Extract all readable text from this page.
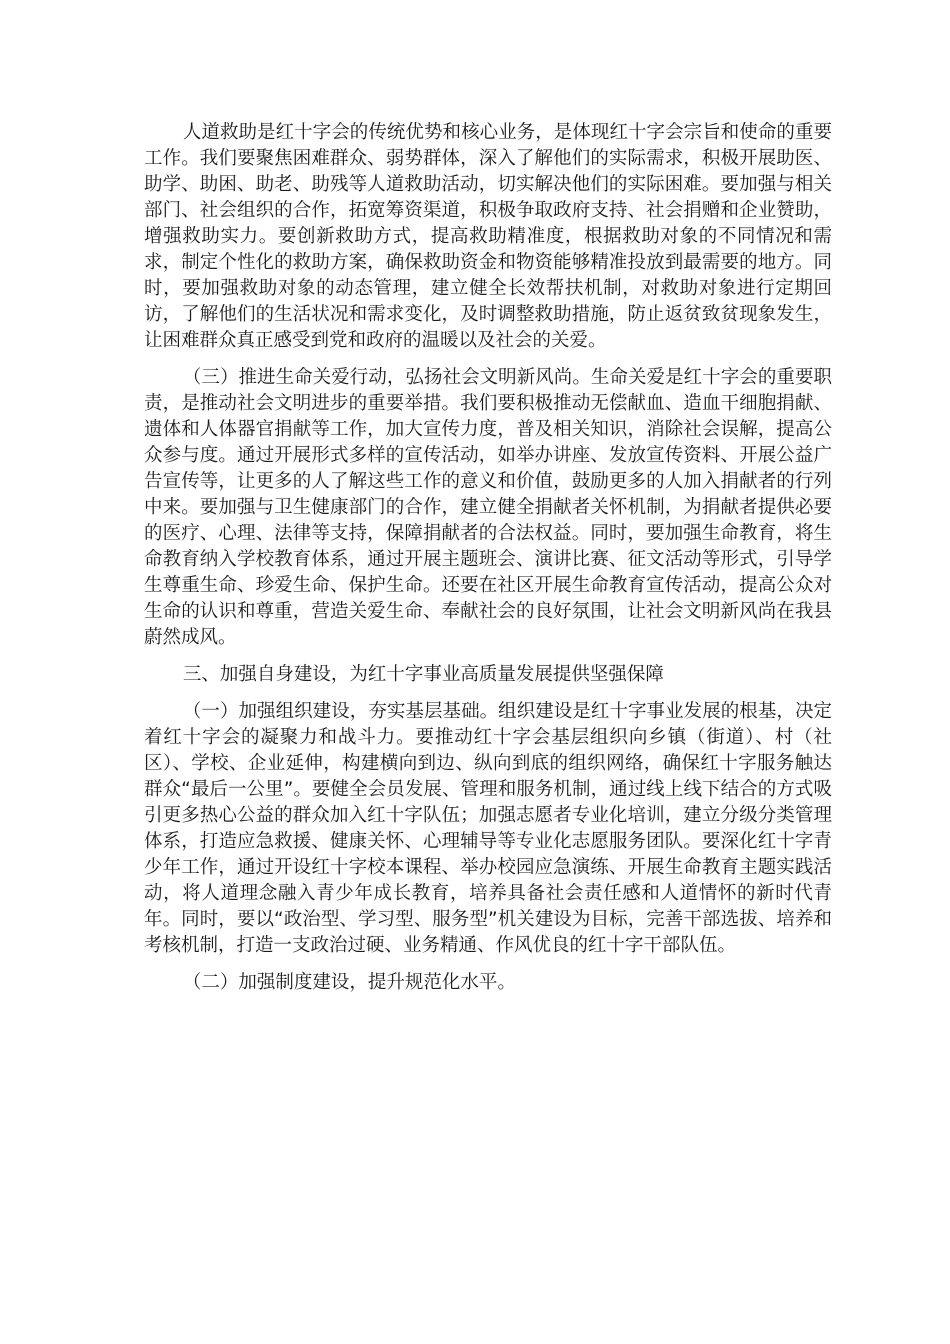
人道救助是红十字会的传统优势和核心业务，是体现红十字会宗旨和使命的重要工作。我们要聚焦困难群众、弱势群体，深入了解他们的实际需求，积极开展助医、助学、助困、助老、助残等人道救助活动，切实解决他们的实际困难。要加强与相关部门、社会组织的合作，拓宽筹资渠道，积极争取政府支持、社会捐赠和企业赞助，增强救助实力。要创新救助方式，提高救助精准度，根据救助对象的不同情况和需求，制定个性化的救助方案，确保救助资金和物资能够精准投放到最需要的地方。同时，要加强救助对象的动态管理，建立健全长效帮扶机制，对救助对象进行定期回访，了解他们的生活状况和需求变化，及时调整救助措施，防止返贫致贫现象发生，让困难群众真正感受到党和政府的温暖以及社会的关爱。

（三）推进生命关爱行动，弘扬社会文明新风尚。生命关爱是红十字会的重要职责，是推动社会文明进步的重要举措。我们要积极推动无偿献血、造血干细胞捐献、遗体和人体器官捐献等工作，加大宣传力度，普及相关知识，消除社会误解，提高公众参与度。通过开展形式多样的宣传活动，如举办讲座、发放宣传资料、开展公益广告宣传等，让更多的人了解这些工作的意义和价值，鼓励更多的人加入捐献者的行列中来。要加强与卫生健康部门的合作，建立健全捐献者关怀机制，为捐献者提供必要的医疗、心理、法律等支持，保障捐献者的合法权益。同时，要加强生命教育，将生命教育纳入学校教育体系，通过开展主题班会、演讲比赛、征文活动等形式，引导学生尊重生命、珍爱生命、保护生命。还要在社区开展生命教育宣传活动，提高公众对生命的认识和尊重，营造关爱生命、奉献社会的良好氛围，让社会文明新风尚在我县蔚然成风。

三、加强自身建设，为红十字事业高质量发展提供坚强保障

（一）加强组织建设，夯实基层基础。组织建设是红十字事业发展的根基，决定着红十字会的凝聚力和战斗力。要推动红十字会基层组织向乡镇（街道）、村（社区）、学校、企业延伸，构建横向到边、纵向到底的组织网络，确保红十字服务触达群众“最后一公里”。要健全会员发展、管理和服务机制，通过线上线下结合的方式吸引更多热心公益的群众加入红十字队伍；加强志愿者专业化培训，建立分级分类管理体系，打造应急救援、健康关怀、心理辅导等专业化志愿服务团队。要深化红十字青少年工作，通过开设红十字校本课程、举办校园应急演练、开展生命教育主题实践活动，将人道理念融入青少年成长教育，培养具备社会责任感和人道情怀的新时代青年。同时，要以“政治型、学习型、服务型”机关建设为目标，完善干部选拔、培养和考核机制，打造一支政治过硬、业务精通、作风优良的红十字干部队伍。

（二）加强制度建设，提升规范化水平。
